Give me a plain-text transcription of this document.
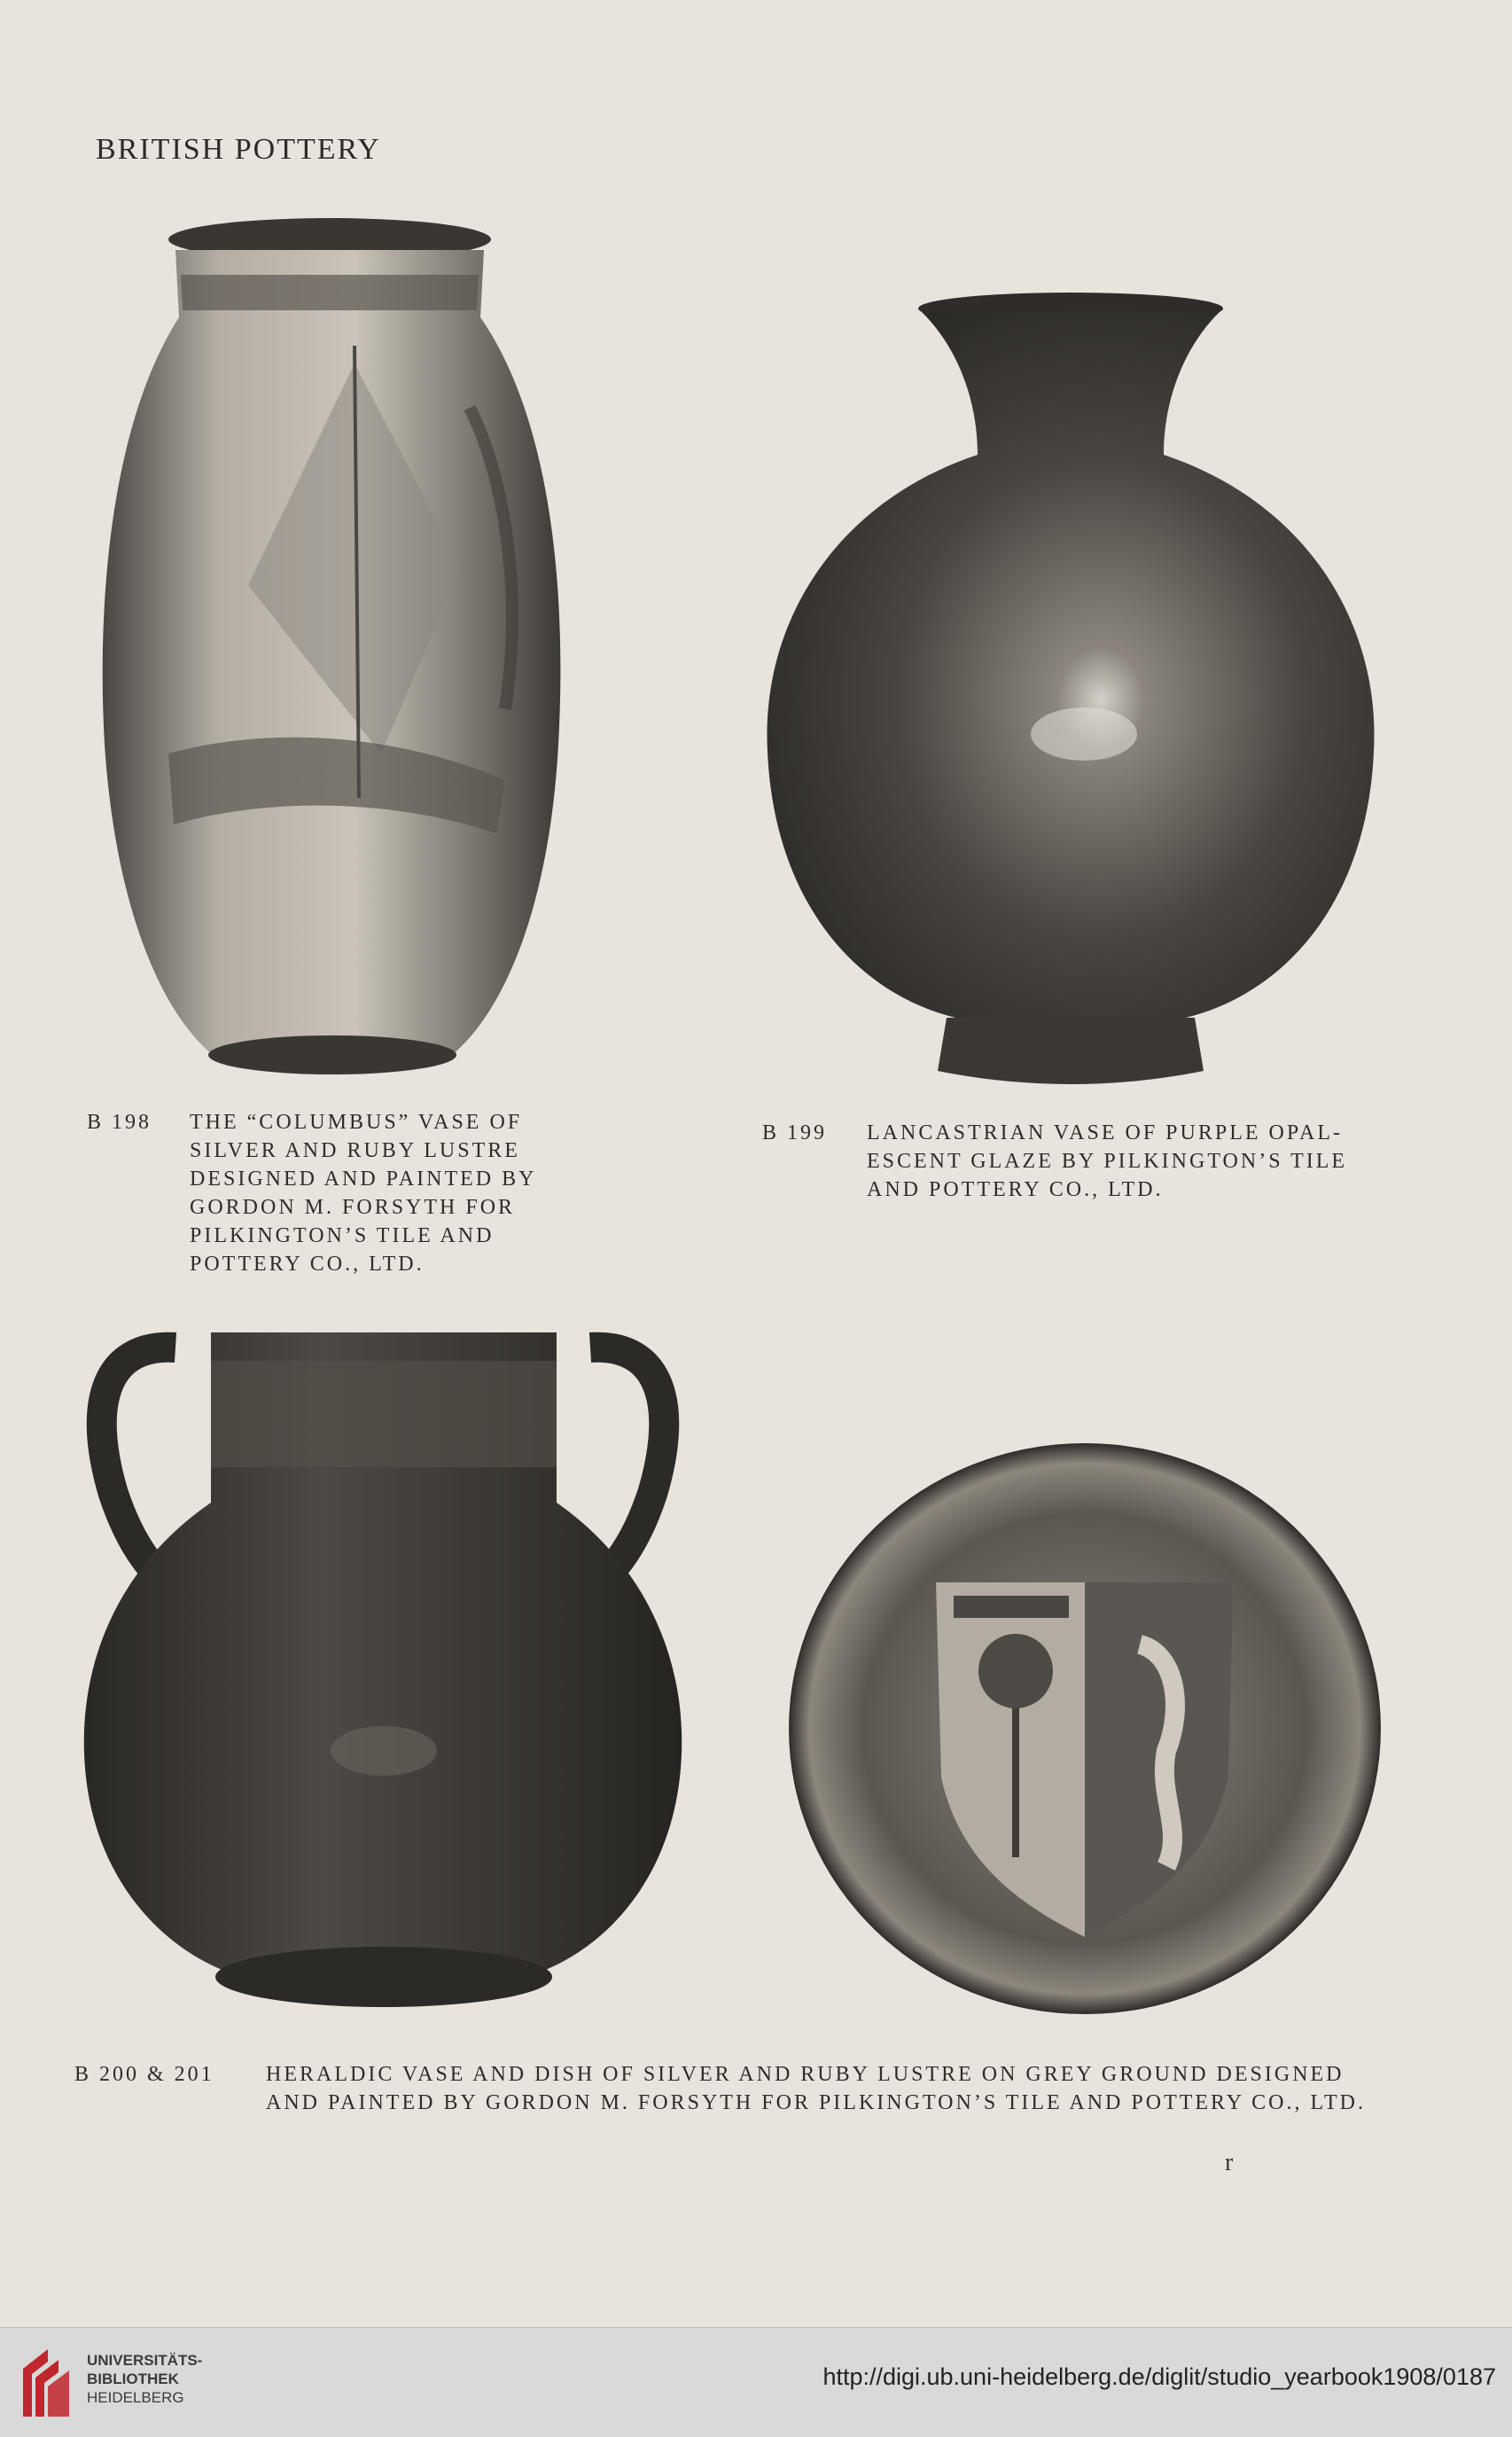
BRITISH POTTERY
B 198 THE “COLUMBUS” VASE OF
SILVER AND RUBY LUSTRE
DESIGNED AND PAINTED BY
GORDON M. FORSYTH FOR
PILKINGTON’S TILE AND
POTTERY CO., LTD.
B 199 LANCASTRIAN VASE OF PURPLE OPAL-
ESCENT GLAZE BY PILKINGTON’S TILE
AND POTTERY CO., LTD.
B 200 & 201 HERALDIC VASE AND DISH OF SILVER AND RUBY LUSTRE ON GREY GROUND DESIGNED
AND PAINTED BY GORDON M. FORSYTH FOR PILKINGTON’S TILE AND POTTERY CO., LTD.
r
UNIVERSITÄTS-
BIBLIOTHEK
HEIDELBERG
http://digi.ub.uni-heidelberg.de/diglit/studio_yearbook1908/0187
